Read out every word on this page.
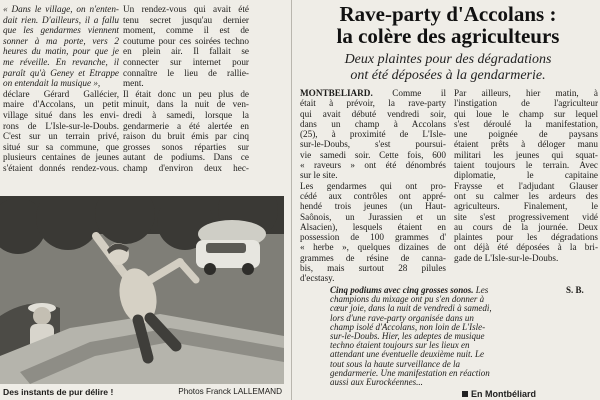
« Dans le village, on n'enten-
dait rien. D'ailleurs, il a fallu
que les gendarmes viennent
sonner à ma porte, vers 2
heures du matin, pour que je
me réveille. En revanche, il
paraît qu'à Geney et Etrappe
on entendait la musique »,
déclare Gérard Gallécier,
maire d'Accolans, un petit
village situé dans les envi-
rons de L'Isle-sur-le-Doubs.
C'est sur un terrain privé,
situé sur sa commune, que
plusieurs centaines de jeunes
s'étaient donnés rendez-vous.
Un rendez-vous qui avait été
tenu secret jusqu'au dernier
moment, comme il est de
coutume pour ces soirées techno
en plein air. Il fallait se
connecter sur internet pour
connaître le lieu de rallie-
ment.
Il était donc un peu plus de
minuit, dans la nuit de ven-
dredi à samedi, lorsque la
gendarmerie a été alertée en
raison du bruit émis par cinq
grosses sonos réparties sur
autant de podiums. Dans ce
champ d'environ deux hec-
Des instants de pur délire !	Photos Franck LALLEMAND
Rave-party d'Accolans :
la colère des agriculteurs
Deux plaintes pour des dégradations
ont été déposées à la gendarmerie.
MONTBELIARD. Comme il
était à prévoir, la rave-party
qui avait débuté vendredi soir,
dans un champ à Accolans
(25), à proximité de L'Isle-
sur-le-Doubs, s'est poursui-
vie samedi soir. Cette fois, 600
« raveurs » ont été dénombrés
sur le site.
Les gendarmes qui ont pro-
cédé aux contrôles ont appré-
hendé trois jeunes (un Haut-
Saônois, un Jurassien et un
Alsacien), lesquels étaient en
possession de 100 grammes d'
« herbe », quelques dizaines de
grammes de résine de canna-
bis, mais surtout 28 pilules
d'ecstasy.
Par ailleurs, hier matin, à
l'instigation de l'agriculteur
qui loue le champ sur lequel
s'est déroulé la manifestation,
une poignée de paysans
étaient prêts à déloger manu
militari les jeunes qui squat-
taient toujours le terrain. Avec
diplomatie, le capitaine
Fraysse et l'adjudant Glauser
ont su calmer les ardeurs des
agriculteurs. Finalement, le
site s'est progressivement vidé
au cours de la journée. Deux
plaintes pour les dégradations
ont déjà été déposées à la bri-
gade de L'Isle-sur-le-Doubs.
Cinq podiums avec cinq grosses sonos. Les
champions du mixage ont pu s'en donner à
cœur joie, dans la nuit de vendredi à samedi,
lors d'une rave-party organisée dans un
champ isolé d'Accolans, non loin de L'Isle-
sur-le-Doubs. Hier, les adeptes de musique
techno étaient toujours sur les lieux en
attendant une éventuelle deuxième nuit. Le
tout sous la haute surveillance de la
gendarmerie. Une manifestation en réaction
aussi aux Eurockéennes...
S. B.
En Montbéliard
